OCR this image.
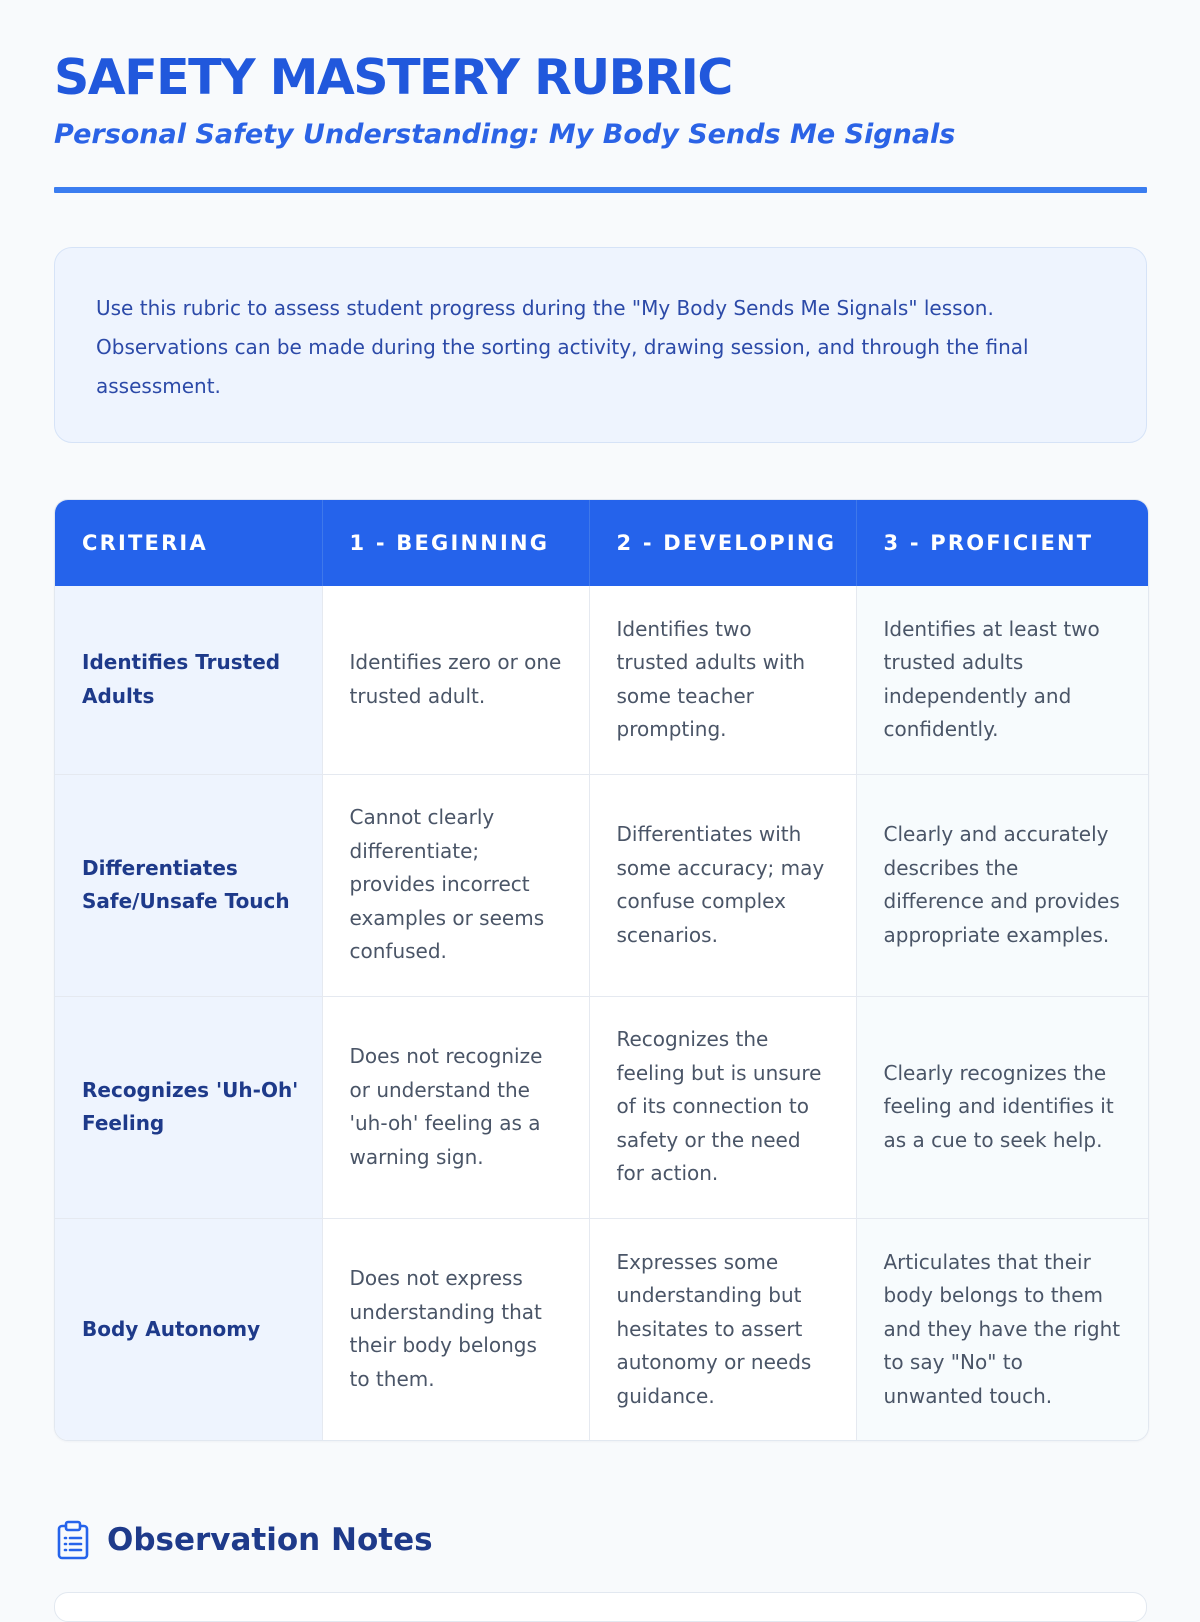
SAFETY MASTERY RUBRIC
Personal Safety Understanding: My Body Sends Me Signals

Use this rubric to assess student progress during the "My Body Sends Me Signals" lesson. Observations can be made during the sorting activity, drawing session, and through the final assessment.

CRITERIA	1 - BEGINNING	2 - DEVELOPING	3 - PROFICIENT
Identifies Trusted Adults	Identifies zero or one trusted adult.	Identifies two trusted adults with some teacher prompting.	Identifies at least two trusted adults independently and confidently.
Differentiates Safe/Unsafe Touch	Cannot clearly differentiate; provides incorrect examples or seems confused.	Differentiates with some accuracy; may confuse complex scenarios.	Clearly and accurately describes the difference and provides appropriate examples.
Recognizes 'Uh-Oh' Feeling	Does not recognize or understand the 'uh-oh' feeling as a warning sign.	Recognizes the feeling but is unsure of its connection to safety or the need for action.	Clearly recognizes the feeling and identifies it as a cue to seek help.
Body Autonomy	Does not express understanding that their body belongs to them.	Expresses some understanding but hesitates to assert autonomy or needs guidance.	Articulates that their body belongs to them and they have the right to say "No" to unwanted touch.
Observation Notes
